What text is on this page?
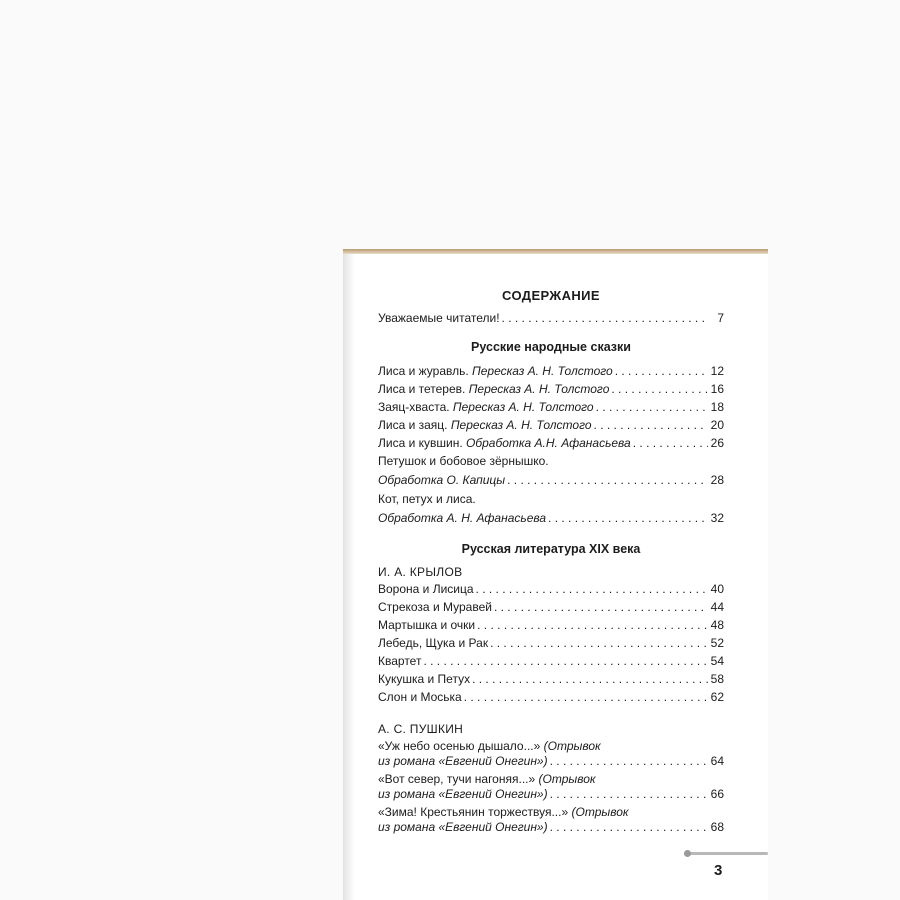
СОДЕРЖАНИЕ
Уважаемые читатели! . . .	7
Русские народные сказки
Лиса и журавль.
Пересказ А. Н. Толстого . . .	12
Лиса и тетерев.
Пересказ А. Н. Толстого . . .	16
Заяц-хваста.
Пересказ А. Н. Толстого . . .	18
Лиса и заяц.
Пересказ А. Н. Толстого . . .	20
Лиса и кувшин.
Обработка А.Н. Афанасьева . . .	26
Петушок и бобовое зёрнышко.
Обработка О. Капицы . . .	28
Кот, петух и лиса.
Обработка А. Н. Афанасьева . . .	32
Русская литература XIX века
И. А. КРЫЛОВ
Ворона и Лисица . . .	40
Стрекоза и Муравей . . .	44
Мартышка и очки . . .	48
Лебедь, Щука и Рак . . .	52
Квартет . . .	54
Кукушка и Петух . . .	58
Слон и Моська . . .	62
А. С. ПУШКИН
«Уж небо осенью дышало...» (Отрывок
из романа «Евгений Онегин») . . .	64
«Вот север, тучи нагоняя...» (Отрывок
из романа «Евгений Онегин») . . .	66
«Зима! Крестьянин торжествуя...» (Отрывок
из романа «Евгений Онегин») . . .	68
3
